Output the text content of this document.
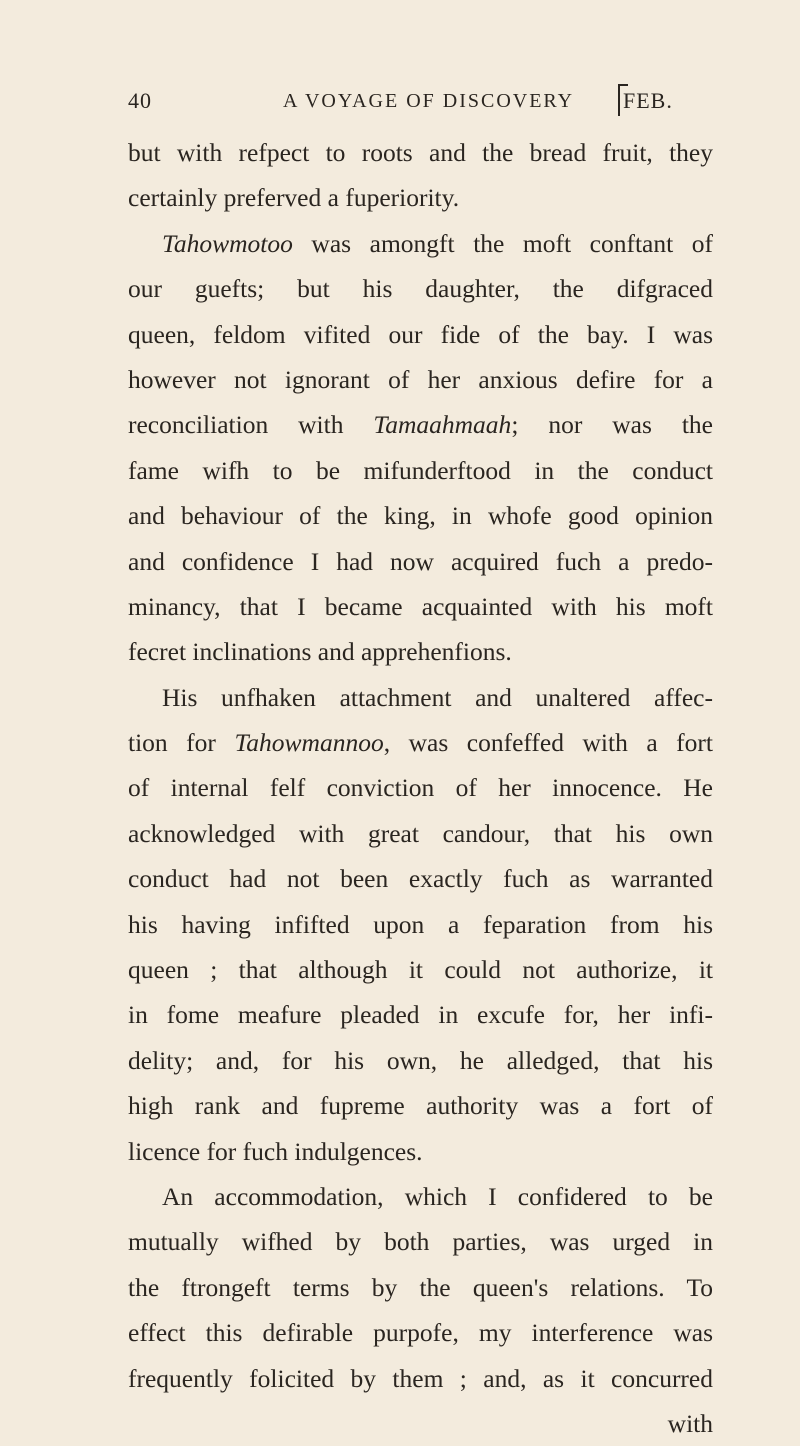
40	A VOYAGE OF DISCOVERY FEB.
but with refpect to roots and the bread fruit, they
certainly preferved a fuperiority.
Tahowmotoo was amongft the moft conftant of
our guefts; but his daughter, the difgraced
queen, feldom vifited our fide of the bay. I was
however not ignorant of her anxious defire for a
reconciliation with Tamaahmaah; nor was the
fame wifh to be mifunderftood in the conduct
and behaviour of the king, in whofe good opinion
and confidence I had now acquired fuch a predo-
minancy, that I became acquainted with his moft
fecret inclinations and apprehenfions.
His unfhaken attachment and unaltered affec-
tion for Tahowmannoo, was confeffed with a fort
of internal felf conviction of her innocence. He
acknowledged with great candour, that his own
conduct had not been exactly fuch as warranted
his having infifted upon a feparation from his
queen ; that although it could not authorize, it
in fome meafure pleaded in excufe for, her infi-
delity; and, for his own, he alledged, that his
high rank and fupreme authority was a fort of
licence for fuch indulgences.
An accommodation, which I confidered to be
mutually wifhed by both parties, was urged in
the ftrongeft terms by the queen's relations. To
effect this defirable purpofe, my interference was
frequently folicited by them ; and, as it concurred
with
